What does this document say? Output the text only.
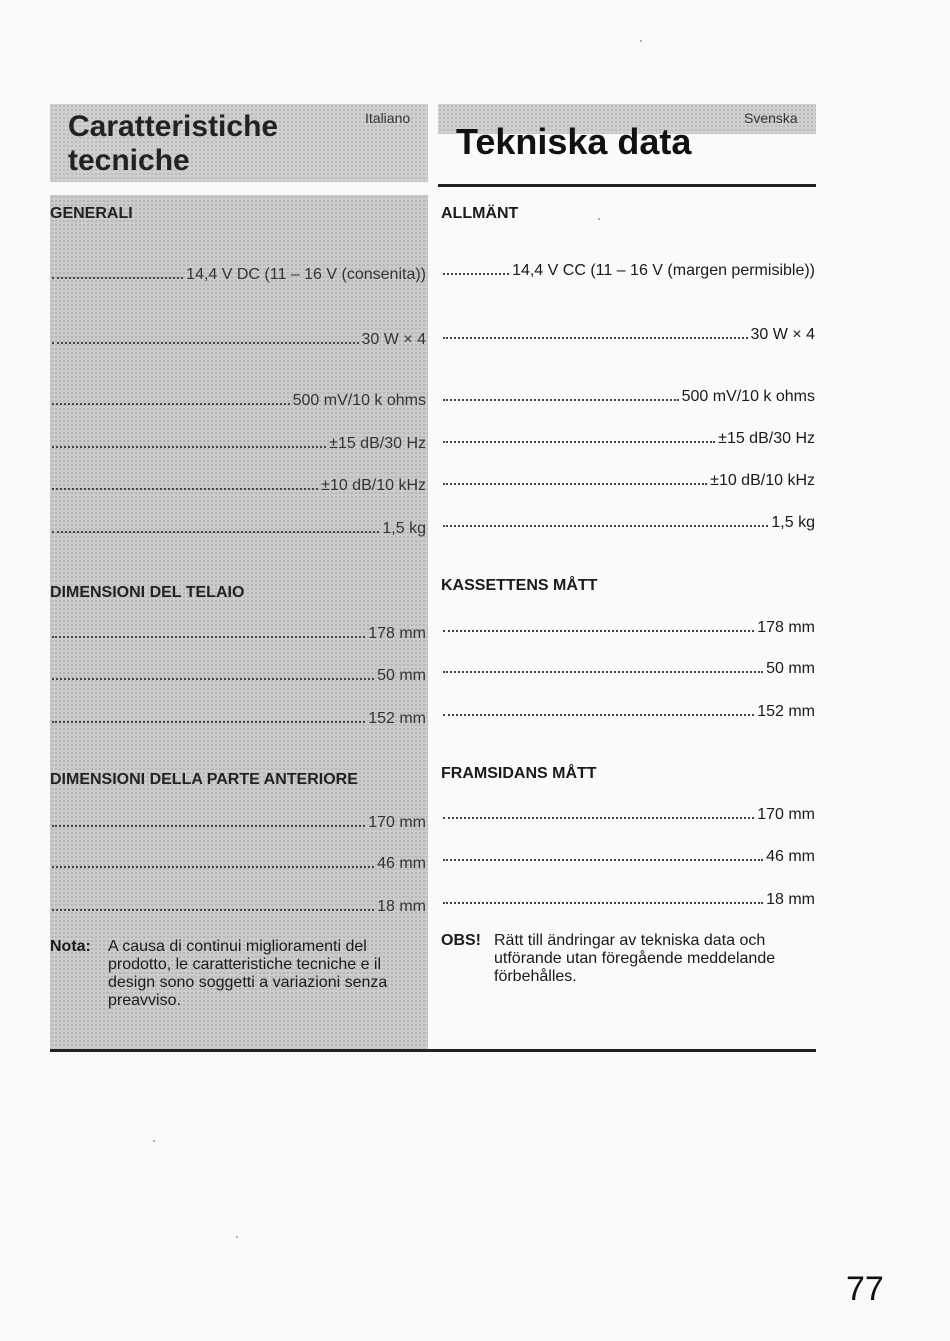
Caratteristiche
tecniche
Italiano
GENERALI
14,4 V DC (11 – 16 V (consenita))
30 W × 4
500 mV/10 k ohms
±15 dB/30 Hz
±10 dB/10 kHz
1,5 kg
DIMENSIONI DEL TELAIO
178 mm
50 mm
152 mm
DIMENSIONI DELLA PARTE ANTERIORE
170 mm
46 mm
18 mm
Nota: A causa di continui miglioramenti del
prodotto, le caratteristiche tecniche e il
design sono soggetti a variazioni senza
preavviso.
Tekniska data
Svenska
ALLMÄNT
14,4 V CC (11 – 16 V (margen permisible))
30 W × 4
500 mV/10 k ohms
±15 dB/30 Hz
±10 dB/10 kHz
1,5 kg
KASSETTENS MÅTT
178 mm
50 mm
152 mm
FRAMSIDANS MÅTT
170 mm
46 mm
18 mm
OBS! Rätt till ändringar av tekniska data och
utförande utan föregående meddelande
förbehålles.
77
